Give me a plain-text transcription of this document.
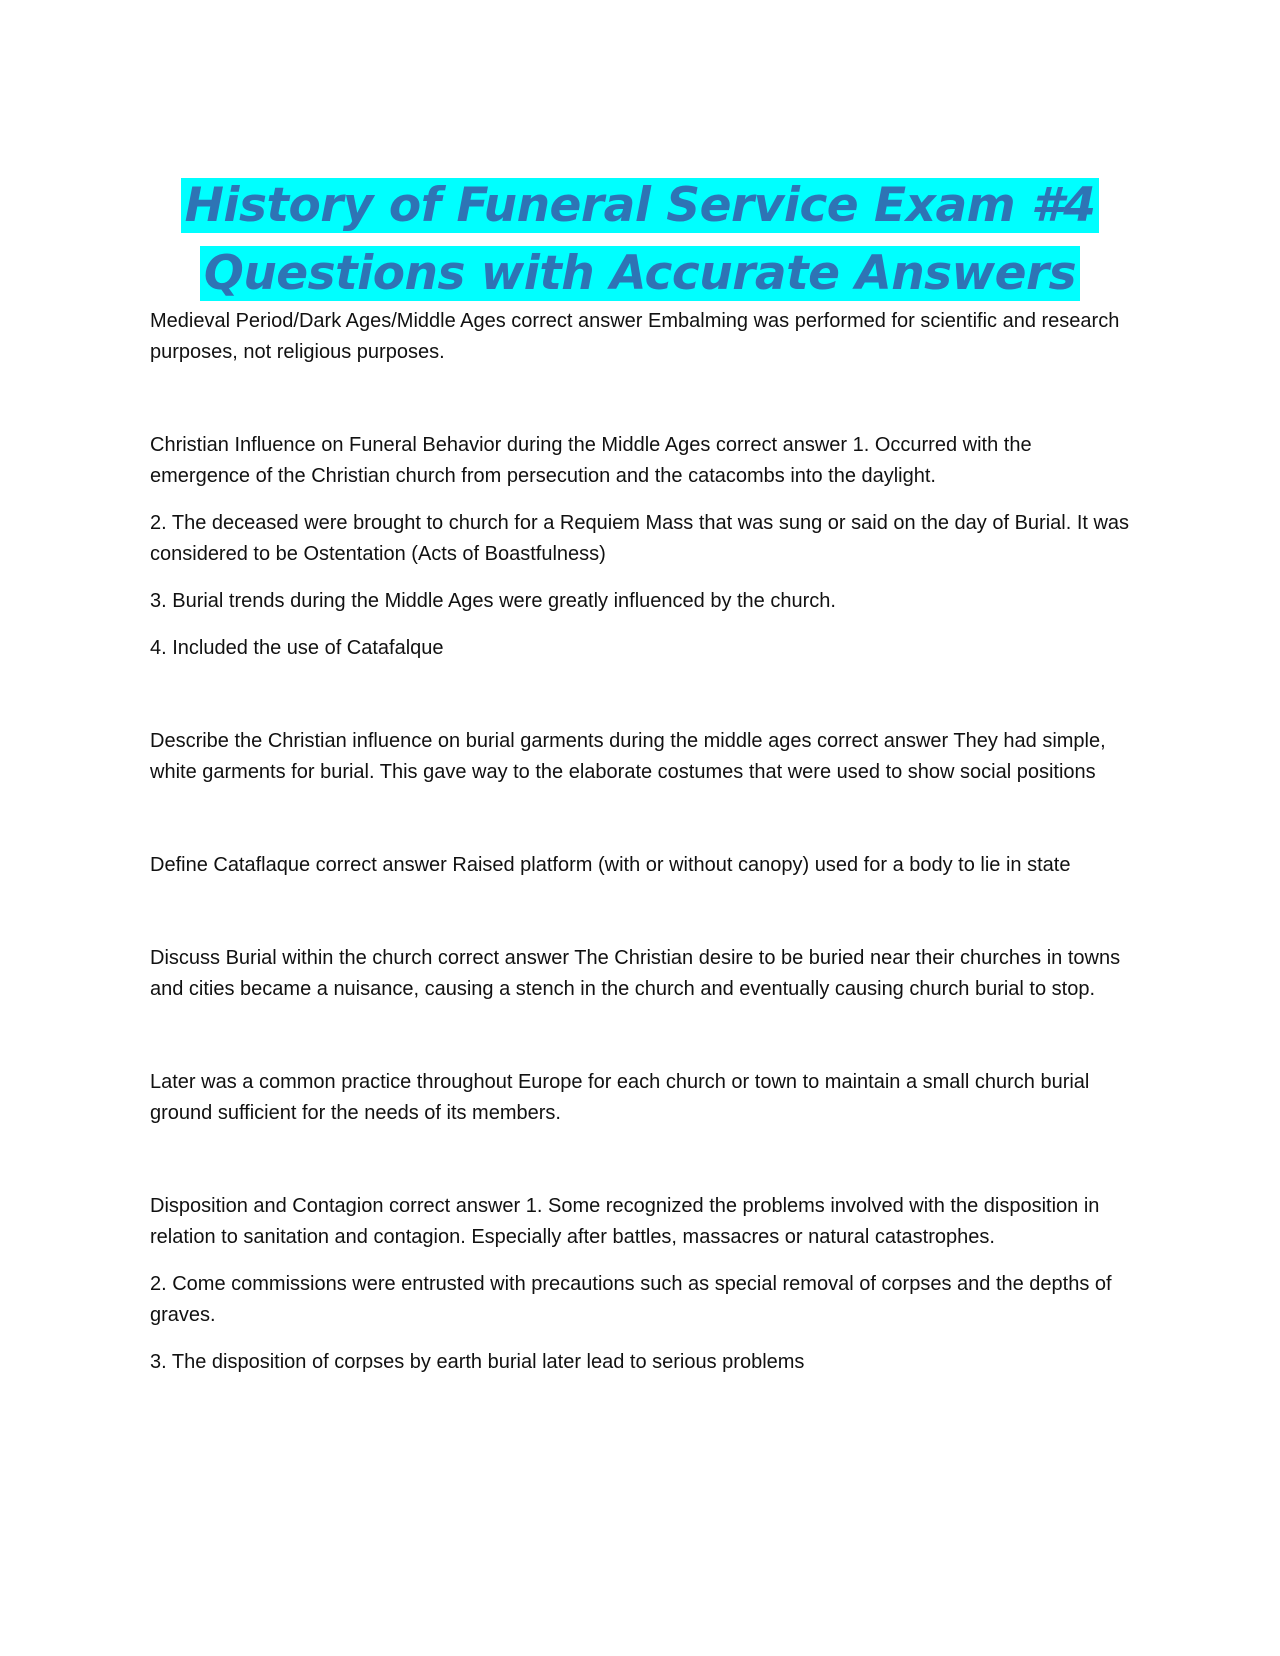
History of Funeral Service Exam #4
Questions with Accurate Answers

Medieval Period/Dark Ages/Middle Ages correct answer Embalming was performed for scientific and research purposes, not religious purposes.

Christian Influence on Funeral Behavior during the Middle Ages correct answer 1. Occurred with the emergence of the Christian church from persecution and the catacombs into the daylight.

2. The deceased were brought to church for a Requiem Mass that was sung or said on the day of Burial. It was considered to be Ostentation (Acts of Boastfulness)

3. Burial trends during the Middle Ages were greatly influenced by the church.

4. Included the use of Catafalque

Describe the Christian influence on burial garments during the middle ages correct answer They had simple, white garments for burial. This gave way to the elaborate costumes that were used to show social positions

Define Cataflaque correct answer Raised platform (with or without canopy) used for a body to lie in state

Discuss Burial within the church correct answer The Christian desire to be buried near their churches in towns and cities became a nuisance, causing a stench in the church and eventually causing church burial to stop.

Later was a common practice throughout Europe for each church or town to maintain a small church burial ground sufficient for the needs of its members.

Disposition and Contagion correct answer 1. Some recognized the problems involved with the disposition in relation to sanitation and contagion. Especially after battles, massacres or natural catastrophes.

2. Come commissions were entrusted with precautions such as special removal of corpses and the depths of graves.

3. The disposition of corpses by earth burial later lead to serious problems
